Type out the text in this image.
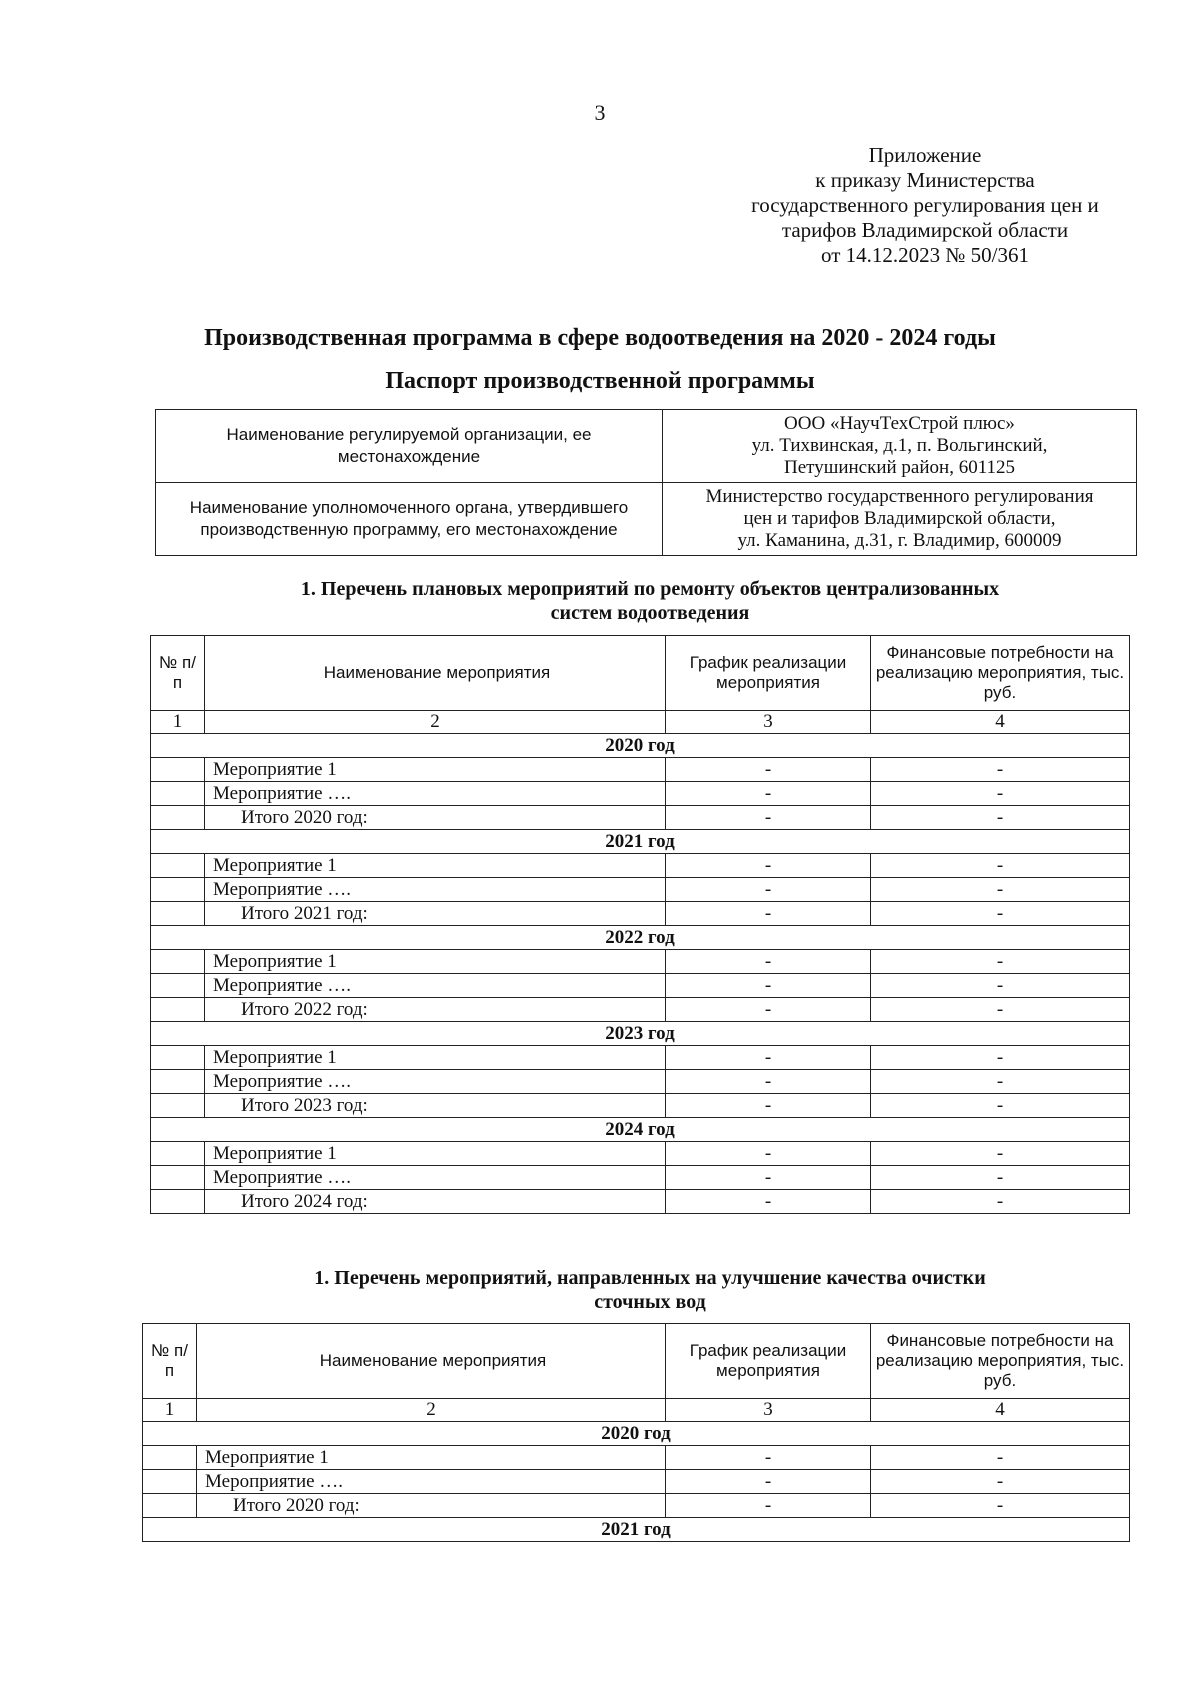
3
Приложение
к приказу Министерства
государственного регулирования цен и
тарифов Владимирской области
от 14.12.2023 № 50/361
Производственная программа в сфере водоотведения на 2020 - 2024 годы
Паспорт производственной программы
Наименование регулируемой организации, ее местонахождение	ООО «НаучТехСтрой плюс»
ул. Тихвинская, д.1, п. Вольгинский,
Петушинский район, 601125

Наименование уполномоченного органа, утвердившего производственную программу, его местонахождение	Министерство государственного регулирования
цен и тарифов Владимирской области,
ул. Каманина, д.31, г. Владимир, 600009
1. Перечень плановых мероприятий по ремонту объектов централизованных
систем водоотведения
№ п/п	Наименование мероприятия	График реализации мероприятия	Финансовые потребности на реализацию мероприятия, тыс. руб.
1	2	3	4
2020 год			
	Мероприятие 1	-	-
	Мероприятие ….	-	-
	Итого 2020 год:	-	-
2021 год			
	Мероприятие 1	-	-
	Мероприятие ….	-	-
	Итого 2021 год:	-	-
2022 год			
	Мероприятие 1	-	-
	Мероприятие ….	-	-
	Итого 2022 год:	-	-
2023 год			
	Мероприятие 1	-	-
	Мероприятие ….	-	-
	Итого 2023 год:	-	-
2024 год			
	Мероприятие 1	-	-
	Мероприятие ….	-	-
	Итого 2024 год:	-	-
1. Перечень мероприятий, направленных на улучшение качества очистки
сточных вод
№ п/п	Наименование мероприятия	График реализации мероприятия	Финансовые потребности на реализацию мероприятия, тыс. руб.
1	2	3	4
2020 год			
	Мероприятие 1	-	-
	Мероприятие ….	-	-
	Итого 2020 год:	-	-
2021 год			
